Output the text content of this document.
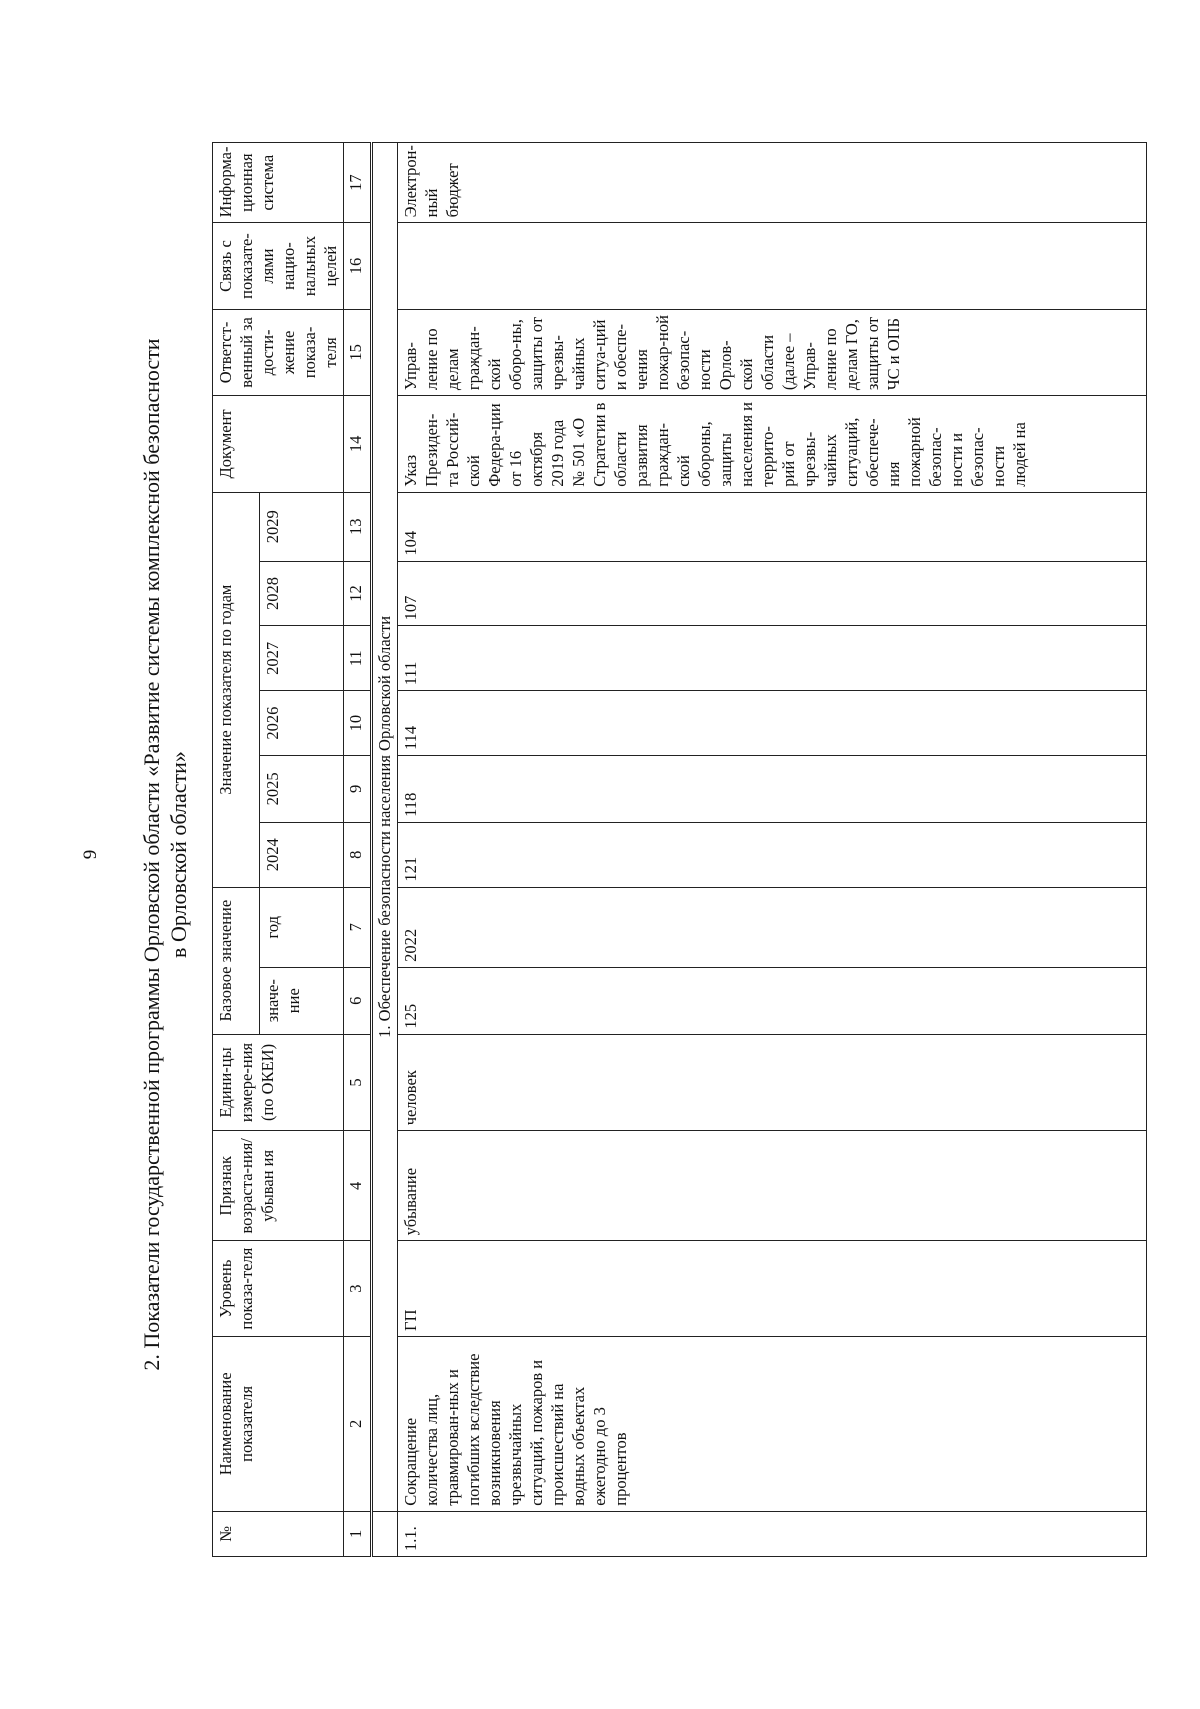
9 2. Показатели государственной программы Орловской области «Развитие системы комплексной безопасности в Орловской области»
№	Наименование показателя	Уровень показа-теля	Признак возраста-ния/убыван ия	Едини-цы измере-ния (по ОКЕИ)	Базовое значение		Значение показателя по годам						Документ	Ответст-венный за дости-жение показа-теля	Связь с показате-лями нацио-нальных целей	Информа-ционная система
					значе-ние	год	2024	2025	2026	2027	2028	2029				
1	2	3	4	5	6	7	8	9	10	11	12	13	14	15	16	17
	1. Обеспечение безопасности населения Орловской области															
1.1.	Сокращение количества лиц, травмирован-ных и погибших вследствие возникновения чрезвычайных ситуаций, пожаров и происшествий на водных объектах ежегодно до 3 процентов	ГП	убывание	человек	125	2022	121	118	114	111	107	104	Указ Президен-та Россий-ской Федера-ции от 16 октября 2019 года № 501 «О Стратегии в области развития граждан-ской обороны, защиты населения и террито-рий от чрезвы-чайных ситуаций, обеспече-ния пожарной безопас-ности и безопас-ности людей на	Управ-ление по делам граждан-ской оборо-ны, защиты от чрезвы-чайных ситуа-ций и обеспе-чения пожар-ной безопас-ности Орлов-ской области (далее – Управ-ление по делам ГО, защиты от ЧС и ОПБ		Электрон-ный бюджет
